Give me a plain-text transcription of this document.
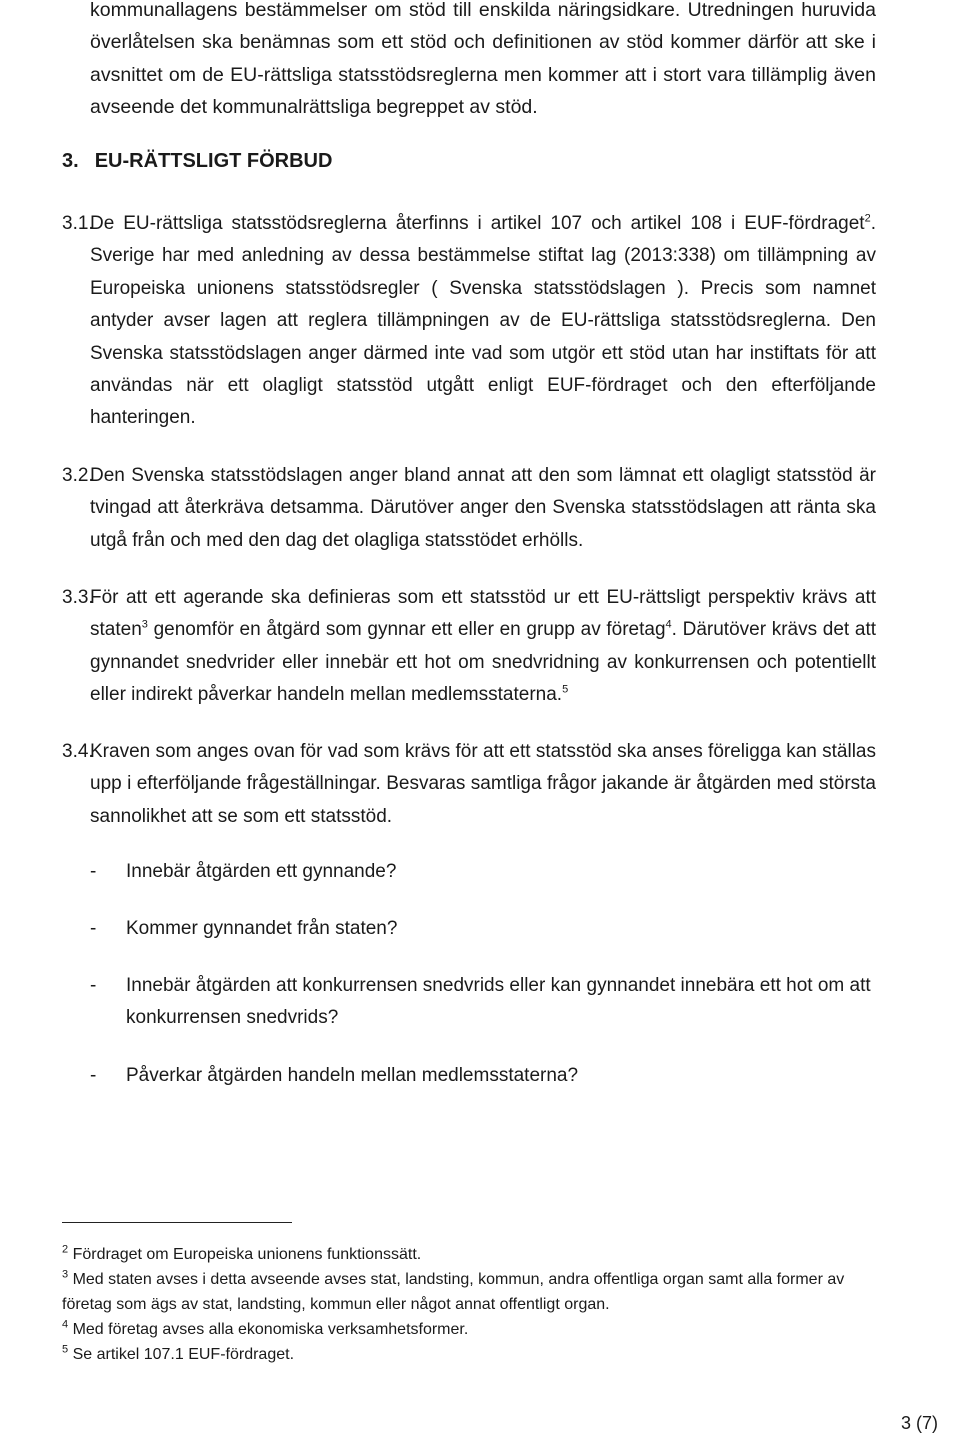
kommunallagens bestämmelser om stöd till enskilda näringsidkare. Utredningen huruvida överlåtelsen ska benämnas som ett stöd och definitionen av stöd kommer därför att ske i avsnittet om de EU-rättsliga statsstödsreglerna men kommer att i stort vara tillämplig även avseende det kommunalrättsliga begreppet av stöd.

3. EU-RÄTTSLIGT FÖRBUD
3.1.
De EU-rättsliga statsstödsreglerna återfinns i artikel 107 och artikel 108 i EUF-fördraget$^2$. Sverige har med anledning av dessa bestämmelse stiftat lag (2013:338) om tillämpning av Europeiska unionens statsstödsregler ( Svenska statsstödslagen ). Precis som namnet antyder avser lagen att reglera tillämpningen av de EU-rättsliga statsstödsreglerna. Den Svenska statsstödslagen anger därmed inte vad som utgör ett stöd utan har instiftats för att användas när ett olagligt statsstöd utgått enligt EUF-fördraget och den efterföljande hanteringen.
3.2.
Den Svenska statsstödslagen anger bland annat att den som lämnat ett olagligt statsstöd är tvingad att återkräva detsamma. Därutöver anger den Svenska statsstödslagen att ränta ska utgå från och med den dag det olagliga statsstödet erhölls.
3.3.
För att ett agerande ska definieras som ett statsstöd ur ett EU-rättsligt perspektiv krävs att staten$^3$ genomför en åtgärd som gynnar ett eller en grupp av företag$^4$. Därutöver krävs det att gynnandet snedvrider eller innebär ett hot om snedvridning av konkurrensen och potentiellt eller indirekt påverkar handeln mellan medlemsstaterna.$^5$
3.4.
Kraven som anges ovan för vad som krävs för att ett statsstöd ska anses föreligga kan ställas upp i efterföljande frågeställningar. Besvaras samtliga frågor jakande är åtgärden med största sannolikhet att se som ett statsstöd.
- Innebär åtgärden ett gynnande?
- Kommer gynnandet från staten?
- Innebär åtgärden att konkurrensen snedvrids eller kan gynnandet innebära ett hot om att konkurrensen snedvrids?
- Påverkar åtgärden handeln mellan medlemsstaterna?

$^2$ Fördraget om Europeiska unionens funktionssätt.

$^3$ Med staten avses i detta avseende avses stat, landsting, kommun, andra offentliga organ samt alla former av företag som ägs av stat, landsting, kommun eller något annat offentligt organ.

$^4$ Med företag avses alla ekonomiska verksamhetsformer.

$^5$ Se artikel 107.1 EUF-fördraget.

3 (7)
